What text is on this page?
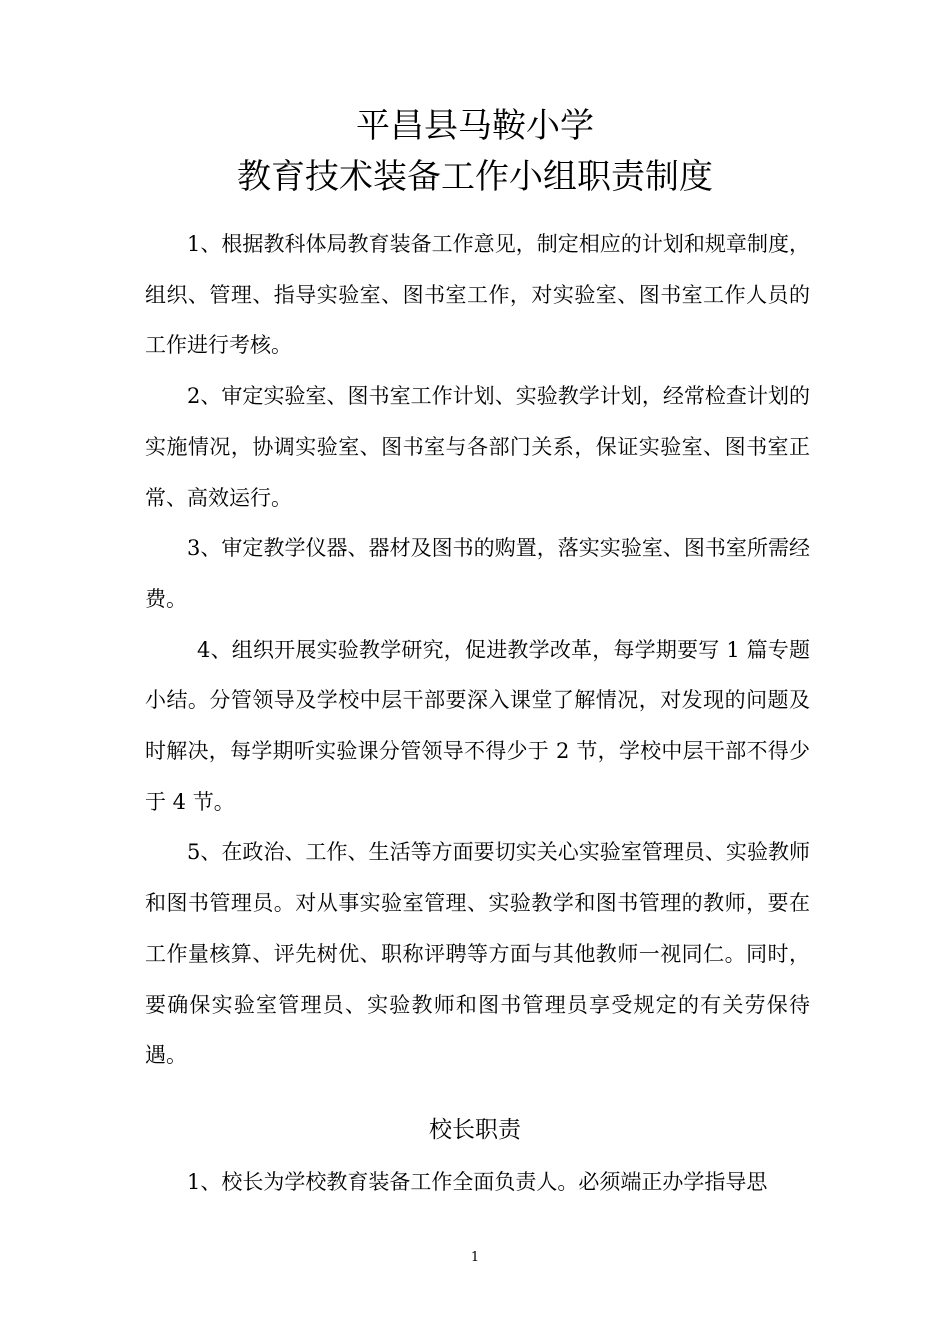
平昌县马鞍小学
教育技术装备工作小组职责制度

1、根据教科体局教育装备工作意见，制定相应的计划和规章制度，组织、管理、指导实验室、图书室工作，对实验室、图书室工作人员的工作进行考核。

2、审定实验室、图书室工作计划、实验教学计划，经常检查计划的实施情况，协调实验室、图书室与各部门关系，保证实验室、图书室正常、高效运行。

3、审定教学仪器、器材及图书的购置，落实实验室、图书室所需经费。

4、组织开展实验教学研究，促进教学改革，每学期要写 1 篇专题小结。分管领导及学校中层干部要深入课堂了解情况，对发现的问题及时解决，每学期听实验课分管领导不得少于 2 节，学校中层干部不得少于 4 节。

5、在政治、工作、生活等方面要切实关心实验室管理员、实验教师和图书管理员。对从事实验室管理、实验教学和图书管理的教师，要在工作量核算、评先树优、职称评聘等方面与其他教师一视同仁。同时，要确保实验室管理员、实验教师和图书管理员享受规定的有关劳保待遇。

校长职责

1、校长为学校教育装备工作全面负责人。必须端正办学指导思

1
